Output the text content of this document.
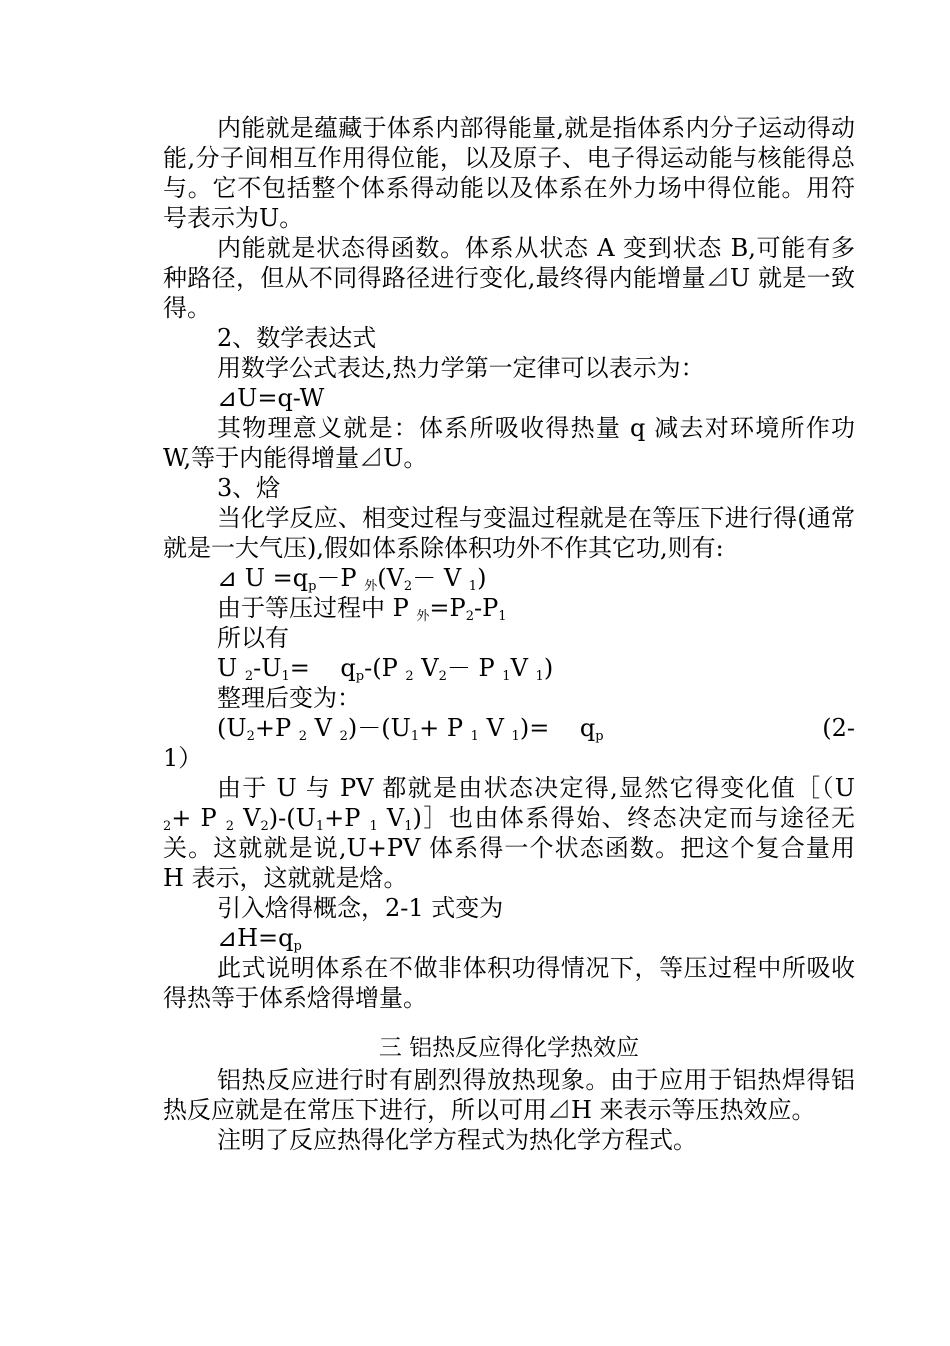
内能就是蕴藏于体系内部得能量,就是指体系内分子运动得动能,分子间相互作用得位能，以及原子、电子得运动能与核能得总与。它不包括整个体系得动能以及体系在外力场中得位能。用符号表示为U。

内能就是状态得函数。体系从状态 A 变到状态 B,可能有多种路径，但从不同得路径进行变化,最终得内能增量⊿U 就是一致得。

2、数学表达式

用数学公式表达,热力学第一定律可以表示为：

⊿U=q-W

其物理意义就是：体系所吸收得热量 q 减去对环境所作功 W,等于内能得增量⊿U。

3、焓

当化学反应、相变过程与变温过程就是在等压下进行得(通常就是一大气压),假如体系除体积功外不作其它功,则有:

⊿ $U =q_p-P$ $_外(V_2- V$ $_1$)

由于等压过程中 P $_外=P_2-P_1$

所以有

U $_2-U_1=$    $q_p-(P$ $_2$ $V_2- P$ $_1$V $_1$)

整理后变为：

($U_2+P$ $_2$ V $_2)-(U_1+ P$ $_1$ V $_1$)=    $q_p$	(2-

1）

由于 U 与 PV 都就是由状态决定得,显然它得变化值［（U $_2$+ P $_2$ $V_2)-(U_1+P$ $_1$ $V_1)]$也由体系得始、终态决定而与途径无关。这就就是说,U+PV 体系得一个状态函数。把这个复合量用 H 表示，这就就是焓。

引入焓得概念，2-1 式变为

$⊿H=q_p$

此式说明体系在不做非体积功得情况下，等压过程中所吸收得热等于体系焓得增量。

三 铝热反应得化学热效应

铝热反应进行时有剧烈得放热现象。由于应用于铝热焊得铝热反应就是在常压下进行，所以可用⊿H 来表示等压热效应。

注明了反应热得化学方程式为热化学方程式。
